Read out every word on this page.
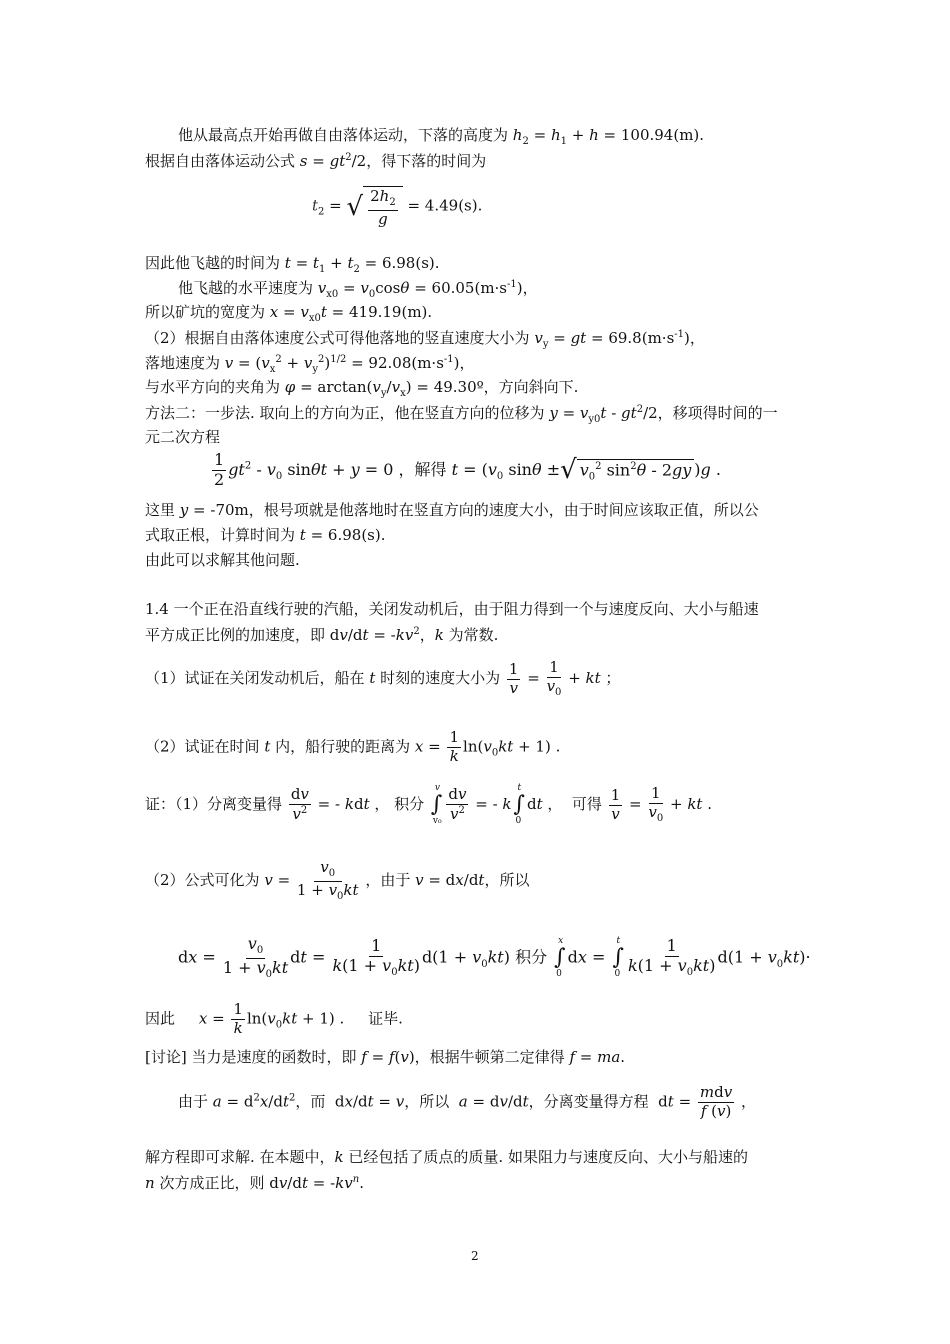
他从最高点开始再做自由落体运动，下落的高度为 $h_2 = h_1 + h = 100.94(m)$.
根据自由落体运动公式 $s = gt^2/2$，得下落的时间为
$t_2$ = √ $\frac{2h_2}{g} = 4.49(s)$.
因此他飞越的时间为 $t = t_1 + t_2 = 6.98(s)$.
他飞越的水平速度为 $v_{x0} = v_0\cos\theta = 60.05(m\cdot s^{-1})$，
所以矿坑的宽度为 $x = v_{x0}t = 419.19(m)$.
（2）根据自由落体速度公式可得他落地的竖直速度大小为 $v_y$ = gt = $69.8(m\cdot s^{-1})$，
落地速度为 $v = (v_x^2 + v_y^2)^{1/2} = 92.08(m\cdot s^{-1})$，
与水平方向的夹角为 $\varphi = \arctan(v_y/v_x)$ = 49.30º，方向斜向下.
方法二：一步法. 取向上的方向为正，他在竖直方向的位移为 $y = v_{y0}t - gt^2/2$，移项得时间的一
元二次方程
$\frac{1}{2} gt^2 - v_0$ sinθt + y = 0 ，解得 $t = (v_0$ sinθ ± √ $v_0^2$ $\sin^2\theta - 2gy$ )g .
这里 y = -70m，根号项就是他落地时在竖直方向的速度大小，由于时间应该取正值，所以公
式取正根，计算时间为 t = 6.98(s).
由此可以求解其他问题.
1.4 一个正在沿直线行驶的汽船，关闭发动机后，由于阻力得到一个与速度反向、大小与船速
平方成正比例的加速度，即 $dv/dt = -kv^2$，k 为常数.
（1）试证在关闭发动机后，船在 t 时刻的速度大小为 $\frac{1}{v} = \frac{1}{v_0}$ + kt ；
（2）试证在时间 t 内，船行驶的距离为 $x = \frac{1}{k} \ln(v_0kt + 1)$ .
证：（1）分离变量得 $\frac{dv}{v^2}$ = - kdt ， 积分 ∫
v
$v_0 \frac{dv}{v^2}$ = - k∫
t
0
dt ，  可得 $\frac{1}{v} = \frac{1}{v_0}$ + kt .
（2）公式可化为 $v = \frac{v_0}{1 + v_0kt}$ ，由于 v = dx/dt，所以
dx = $\frac{v_0}{1 + v_0kt}$ dt = $\frac{1}{k(1 + v_0kt)} d(1 + v_0kt)$ 积分 ∫
x
0
dx = ∫
t
$0 \frac{1}{k(1 + v_0kt)} d(1 + v_0kt)\cdot$
因此     $x = \frac{1}{k} \ln(v_0kt + 1)$ .     证毕.
[讨论] 当力是速度的函数时，即 f = f(v)，根据牛顿第二定律得 f = ma.
由于 $a = d^2x/dt^2$，而  dx/dt = v，所以  a = dv/dt，分离变量得方程  dt = $\frac{\text{mdv}}{f (v)}$ ，
解方程即可求解. 在本题中，k 已经包括了质点的质量. 如果阻力与速度反向、大小与船速的
n 次方成正比，则 $dv/dt = -kv^n$.
2
